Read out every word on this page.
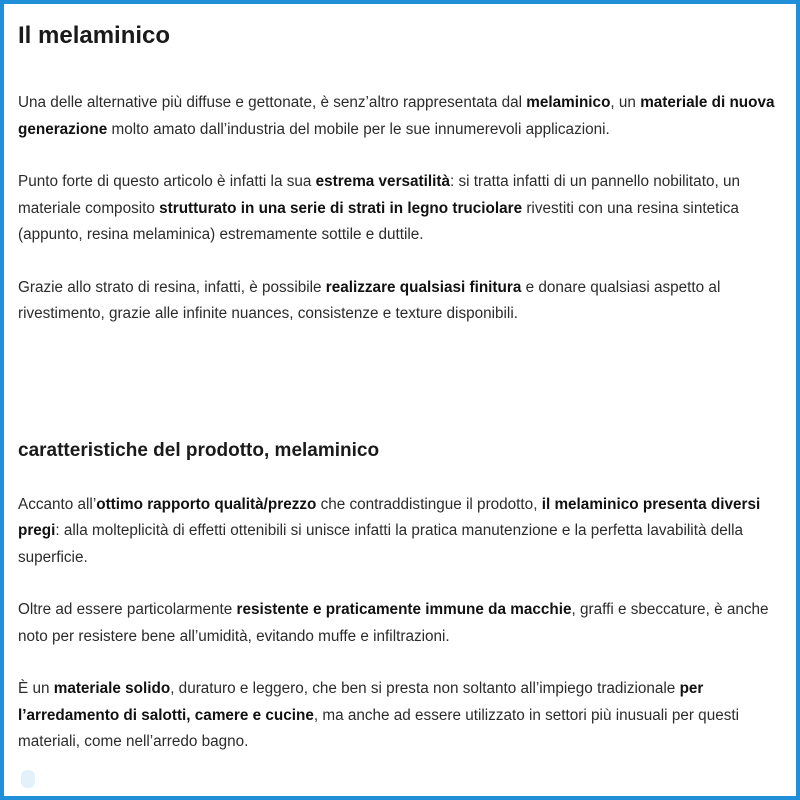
Il melaminico

Una delle alternative più diffuse e gettonate, è senz’altro rappresentata dal melaminico, un materiale di nuova generazione molto amato dall’industria del mobile per le sue innumerevoli applicazioni.

Punto forte di questo articolo è infatti la sua estrema versatilità: si tratta infatti di un pannello nobilitato, un materiale composito strutturato in una serie di strati in legno truciolare rivestiti con una resina sintetica (appunto, resina melaminica) estremamente sottile e duttile.

Grazie allo strato di resina, infatti, è possibile realizzare qualsiasi finitura e donare qualsiasi aspetto al rivestimento, grazie alle infinite nuances, consistenze e texture disponibili.

caratteristiche del prodotto, melaminico

Accanto all’ottimo rapporto qualità/prezzo che contraddistingue il prodotto, il melaminico presenta diversi pregi: alla molteplicità di effetti ottenibili si unisce infatti la pratica manutenzione e la perfetta lavabilità della superficie.

Oltre ad essere particolarmente resistente e praticamente immune da macchie, graffi e sbeccature, è anche noto per resistere bene all’umidità, evitando muffe e infiltrazioni.

È un materiale solido, duraturo e leggero, che ben si presta non soltanto all’impiego tradizionale per l’arredamento di salotti, camere e cucine, ma anche ad essere utilizzato in settori più inusuali per questi materiali, come nell’arredo bagno.
